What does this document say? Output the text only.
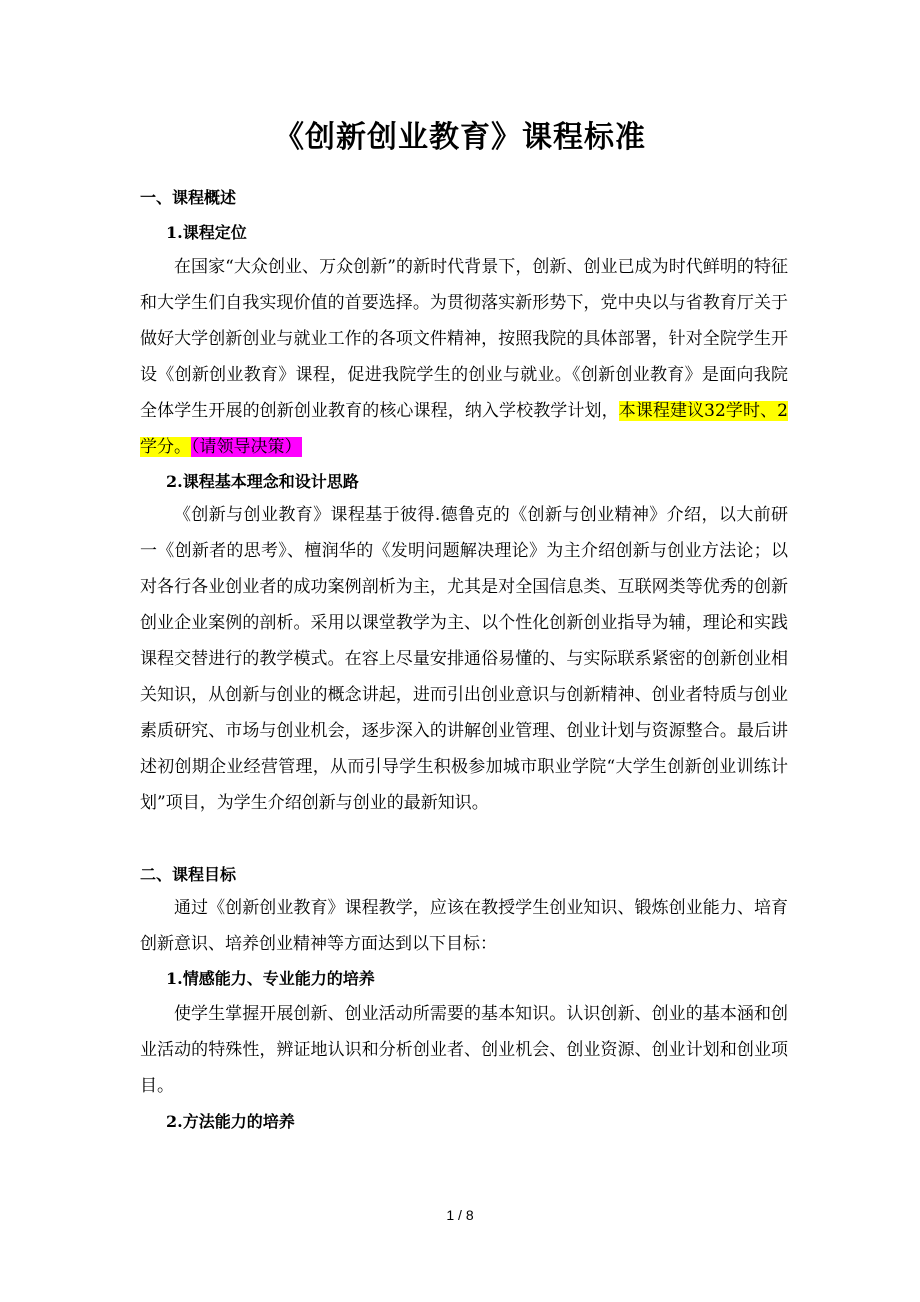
《创新创业教育》课程标准
一、课程概述
1.课程定位
在国家“大众创业、万众创新”的新时代背景下，创新、创业已成为时代鲜明的特征和大学生们自我实现价值的首要选择。为贯彻落实新形势下，党中央以与省教育厅关于做好大学创新创业与就业工作的各项文件精神，按照我院的具体部署，针对全院学生开设《创新创业教育》课程，促进我院学生的创业与就业。《创新创业教育》是面向我院全体学生开展的创新创业教育的核心课程，纳入学校教学计划，本课程建议32学时、2学分。（请领导决策）
2.课程基本理念和设计思路
《创新与创业教育》课程基于彼得.德鲁克的《创新与创业精神》介绍，以大前研一《创新者的思考》、檀润华的《发明问题解决理论》为主介绍创新与创业方法论；以对各行各业创业者的成功案例剖析为主，尤其是对全国信息类、互联网类等优秀的创新创业企业案例的剖析。采用以课堂教学为主、以个性化创新创业指导为辅，理论和实践课程交替进行的教学模式。在容上尽量安排通俗易懂的、与实际联系紧密的创新创业相关知识，从创新与创业的概念讲起，进而引出创业意识与创新精神、创业者特质与创业素质研究、市场与创业机会，逐步深入的讲解创业管理、创业计划与资源整合。最后讲述初创期企业经营管理，从而引导学生积极参加城市职业学院“大学生创新创业训练计划”项目，为学生介绍创新与创业的最新知识。
二、课程目标
通过《创新创业教育》课程教学，应该在教授学生创业知识、锻炼创业能力、培育创新意识、培养创业精神等方面达到以下目标：
1.情感能力、专业能力的培养
使学生掌握开展创新、创业活动所需要的基本知识。认识创新、创业的基本涵和创业活动的特殊性，辨证地认识和分析创业者、创业机会、创业资源、创业计划和创业项目。
2.方法能力的培养
1 / 8
